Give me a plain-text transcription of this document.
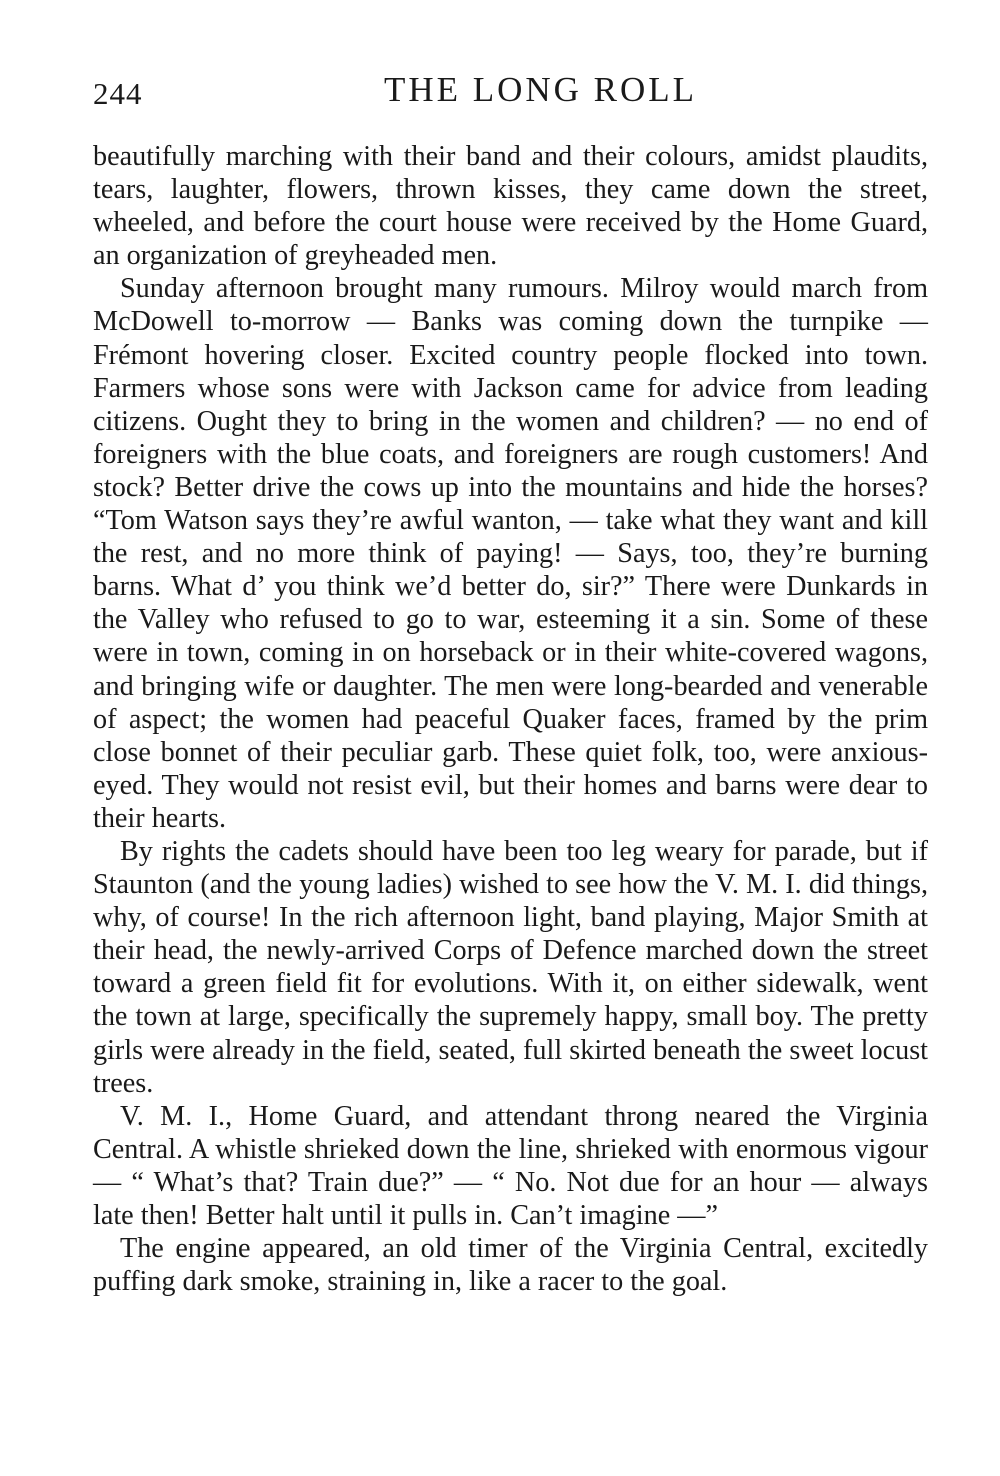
244	THE LONG ROLL

beautifully marching with their band and their colours, amidst plaudits, tears, laughter, flowers, thrown kisses, they came down the street, wheeled, and before the court house were received by the Home Guard, an organization of greyheaded men.

Sunday afternoon brought many rumours. Milroy would march from McDowell to-morrow — Banks was coming down the turnpike — Frémont hovering closer. Excited country people flocked into town. Farmers whose sons were with Jackson came for advice from leading citizens. Ought they to bring in the women and children? — no end of foreigners with the blue coats, and foreigners are rough customers! And stock? Better drive the cows up into the mountains and hide the horses? “Tom Watson says they’re awful wanton, — take what they want and kill the rest, and no more think of paying! — Says, too, they’re burning barns. What d’ you think we’d better do, sir?” There were Dunkards in the Valley who refused to go to war, esteeming it a sin. Some of these were in town, coming in on horseback or in their white-covered wagons, and bringing wife or daughter. The men were long-bearded and venerable of aspect; the women had peaceful Quaker faces, framed by the prim close bonnet of their peculiar garb. These quiet folk, too, were anxious-eyed. They would not resist evil, but their homes and barns were dear to their hearts.

By rights the cadets should have been too leg weary for parade, but if Staunton (and the young ladies) wished to see how the V. M. I. did things, why, of course! In the rich afternoon light, band playing, Major Smith at their head, the newly-arrived Corps of Defence marched down the street toward a green field fit for evolutions. With it, on either sidewalk, went the town at large, specifically the supremely happy, small boy. The pretty girls were already in the field, seated, full skirted beneath the sweet locust trees.

V. M. I., Home Guard, and attendant throng neared the Virginia Central. A whistle shrieked down the line, shrieked with enormous vigour — “ What’s that? Train due?” — “ No. Not due for an hour — always late then! Better halt until it pulls in. Can’t imagine —”

The engine appeared, an old timer of the Virginia Central, excitedly puffing dark smoke, straining in, like a racer to the goal.
